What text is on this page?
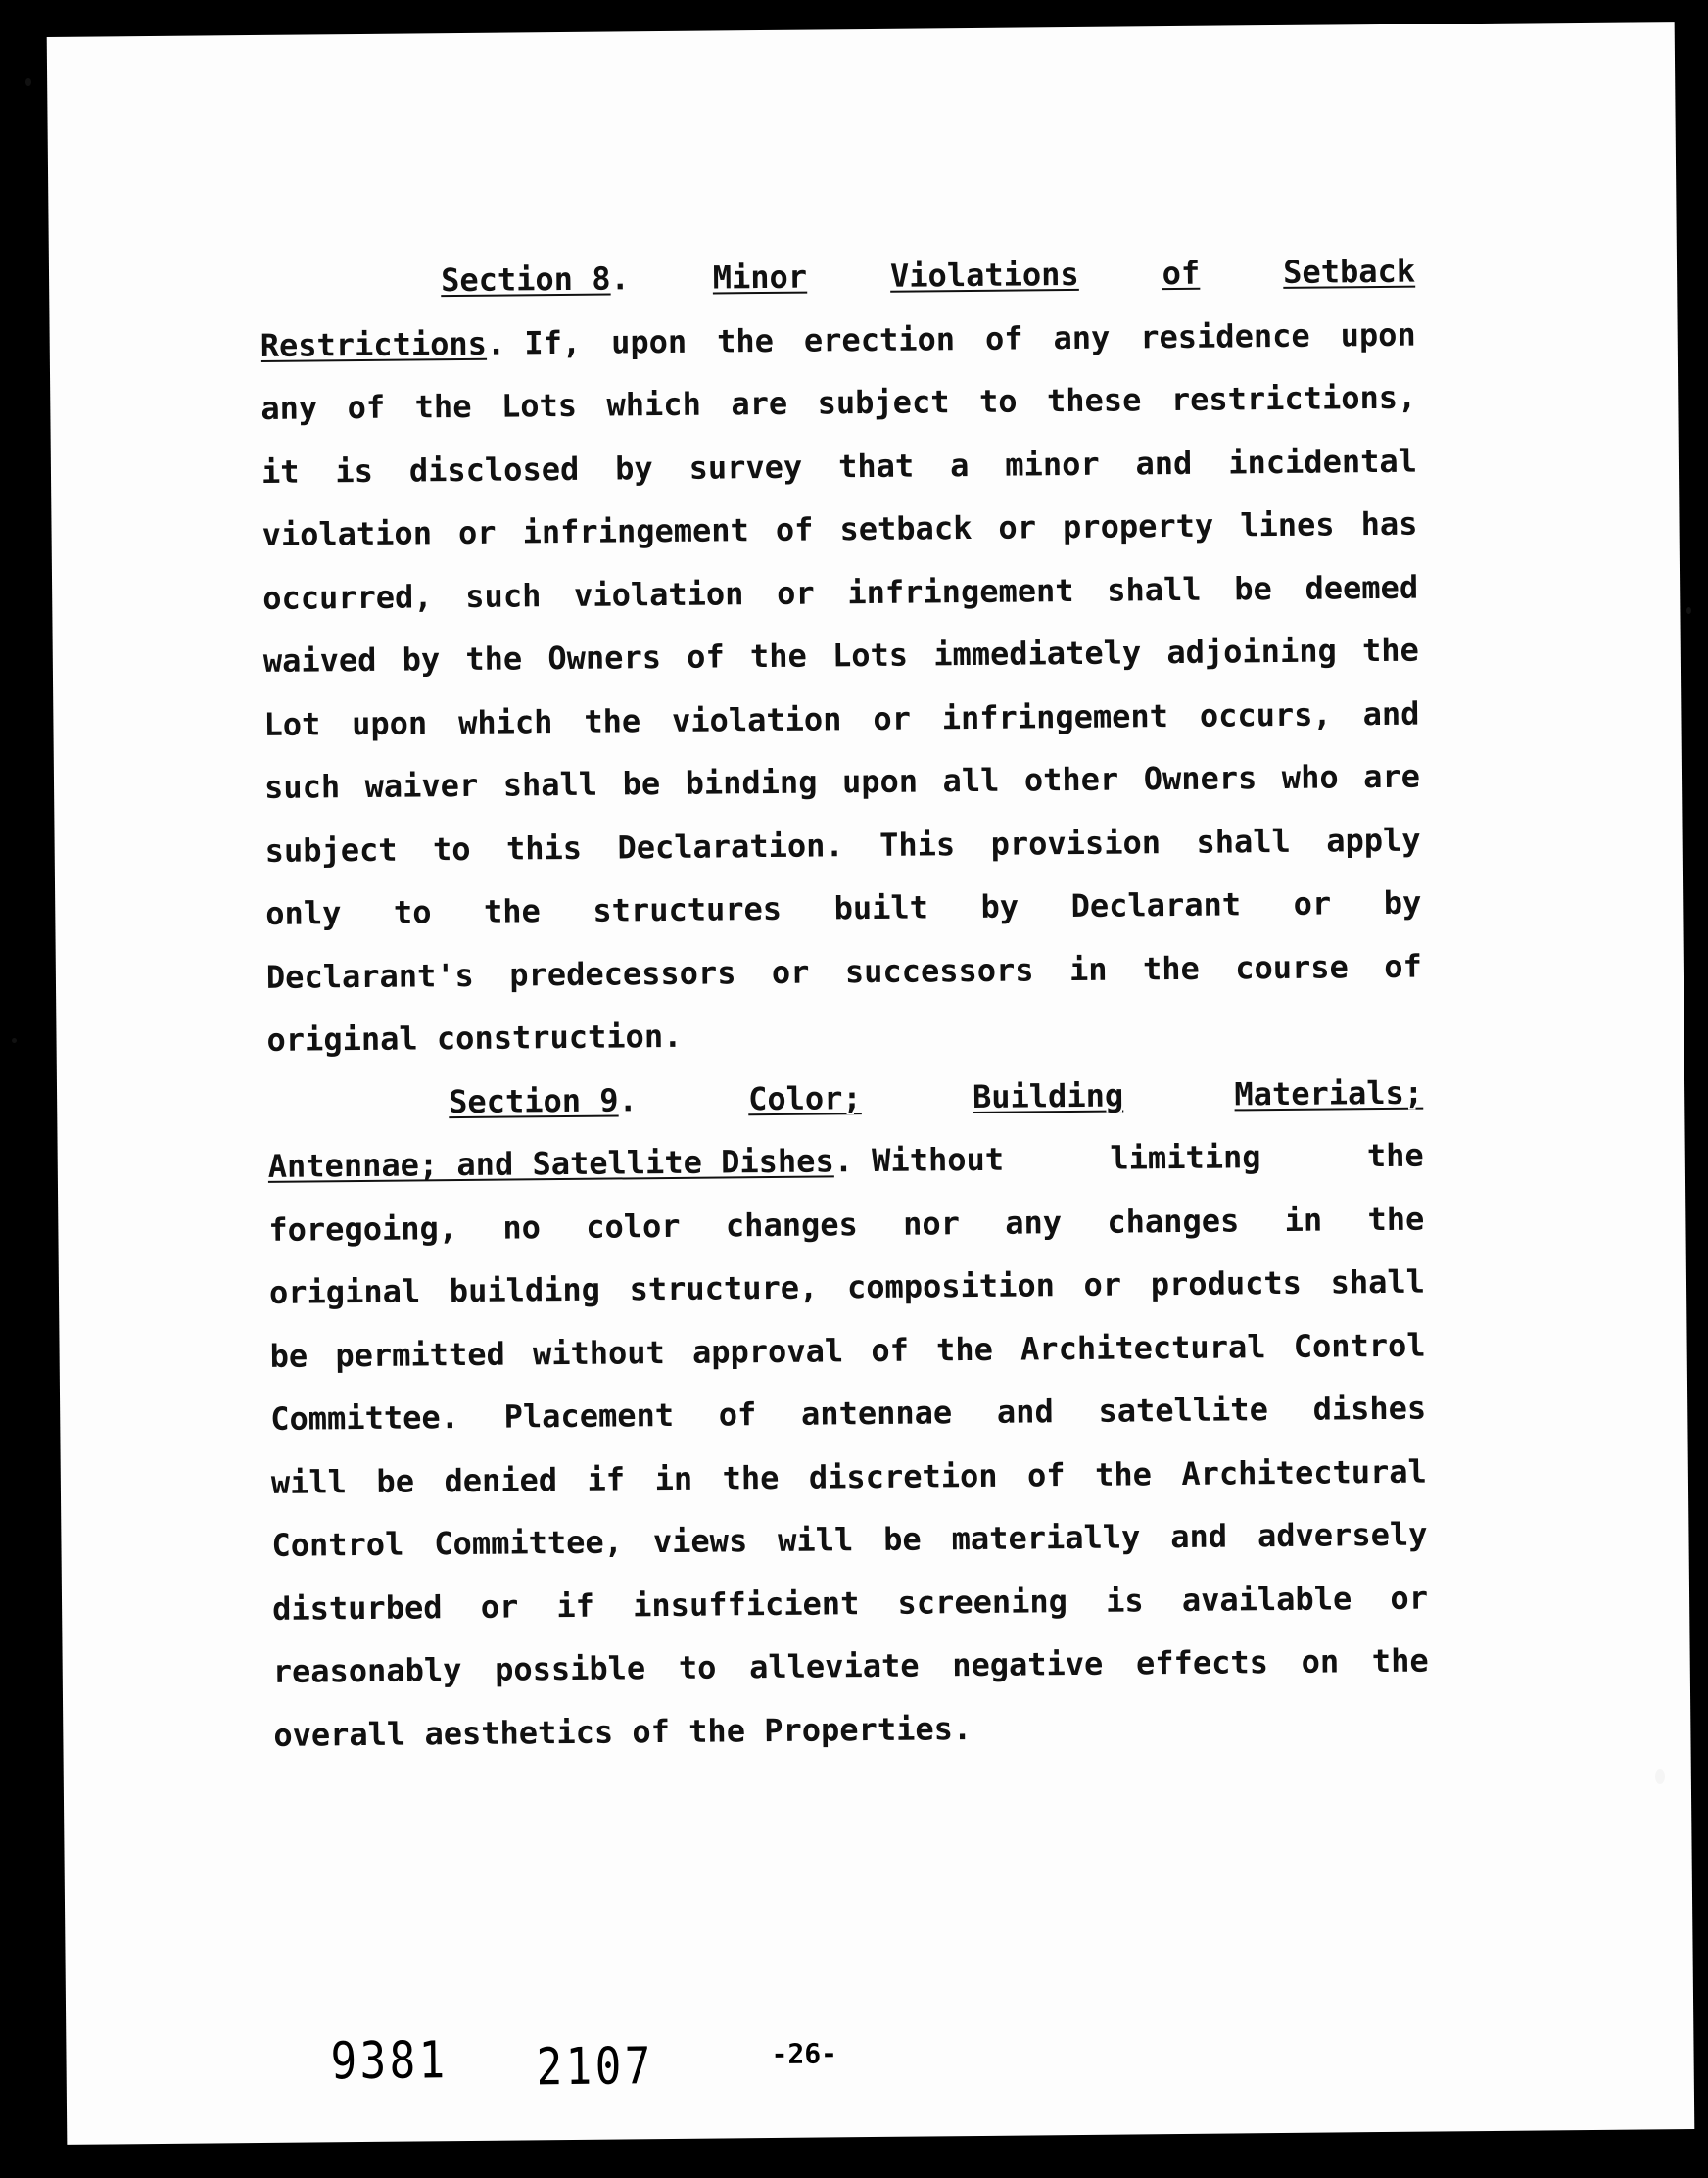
Section 8.	Minor	Violations	of	Setback
Restrictions. If, upon the erection of any residence upon
any of the Lots which are subject to these restrictions,
it is disclosed by survey that a minor and incidental
violation or infringement of setback or property lines has
occurred, such violation or infringement shall be deemed
waived by the Owners of the Lots immediately adjoining the
Lot upon which the violation or infringement occurs, and
such waiver shall be binding upon all other Owners who are
subject to this Declaration. This provision shall apply
only to the structures built by Declarant or by
Declarant's predecessors or successors in the course of
original construction.
Section 9.	Color;	Building	Materials;
Antennae; and Satellite Dishes. Without	limiting	the
foregoing, no color changes nor any changes in the
original building structure, composition or products shall
be permitted without approval of the Architectural Control
Committee. Placement of antennae and satellite dishes
will be denied if in the discretion of the Architectural
Control Committee, views will be materially and adversely
disturbed or if insufficient screening is available or
reasonably possible to alleviate negative effects on the
overall aesthetics of the Properties.
9381 2107	-26-
